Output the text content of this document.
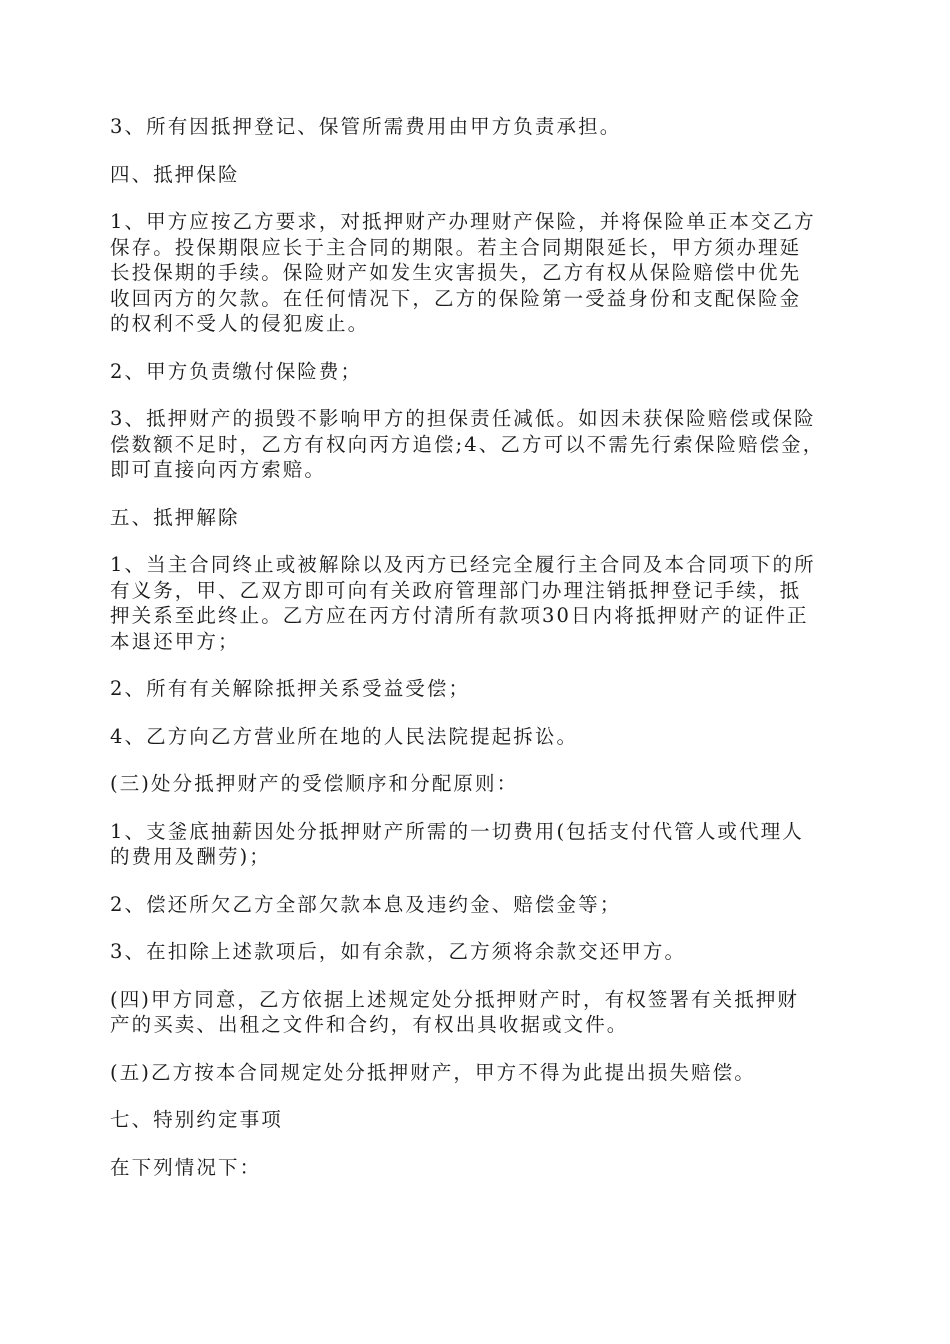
3、所有因抵押登记、保管所需费用由甲方负责承担。

四、抵押保险

1、甲方应按乙方要求，对抵押财产办理财产保险，并将保险单正本交乙方
保存。投保期限应长于主合同的期限。若主合同期限延长，甲方须办理延
长投保期的手续。保险财产如发生灾害损失，乙方有权从保险赔偿中优先
收回丙方的欠款。在任何情况下，乙方的保险第一受益身份和支配保险金
的权利不受人的侵犯废止。

2、甲方负责缴付保险费；

3、抵押财产的损毁不影响甲方的担保责任减低。如因未获保险赔偿或保险
偿数额不足时，乙方有权向丙方追偿;4、乙方可以不需先行索保险赔偿金，
即可直接向丙方索赔。

五、抵押解除

1、当主合同终止或被解除以及丙方已经完全履行主合同及本合同项下的所
有义务，甲、乙双方即可向有关政府管理部门办理注销抵押登记手续，抵
押关系至此终止。乙方应在丙方付清所有款项30日内将抵押财产的证件正
本退还甲方；

2、所有有关解除抵押关系受益受偿；

4、乙方向乙方营业所在地的人民法院提起拆讼。

(三)处分抵押财产的受偿顺序和分配原则：

1、支釜底抽薪因处分抵押财产所需的一切费用(包括支付代管人或代理人
的费用及酬劳)；

2、偿还所欠乙方全部欠款本息及违约金、赔偿金等；

3、在扣除上述款项后，如有余款，乙方须将余款交还甲方。

(四)甲方同意，乙方依据上述规定处分抵押财产时，有权签署有关抵押财
产的买卖、出租之文件和合约，有权出具收据或文件。

(五)乙方按本合同规定处分抵押财产，甲方不得为此提出损失赔偿。

七、特别约定事项

在下列情况下：
